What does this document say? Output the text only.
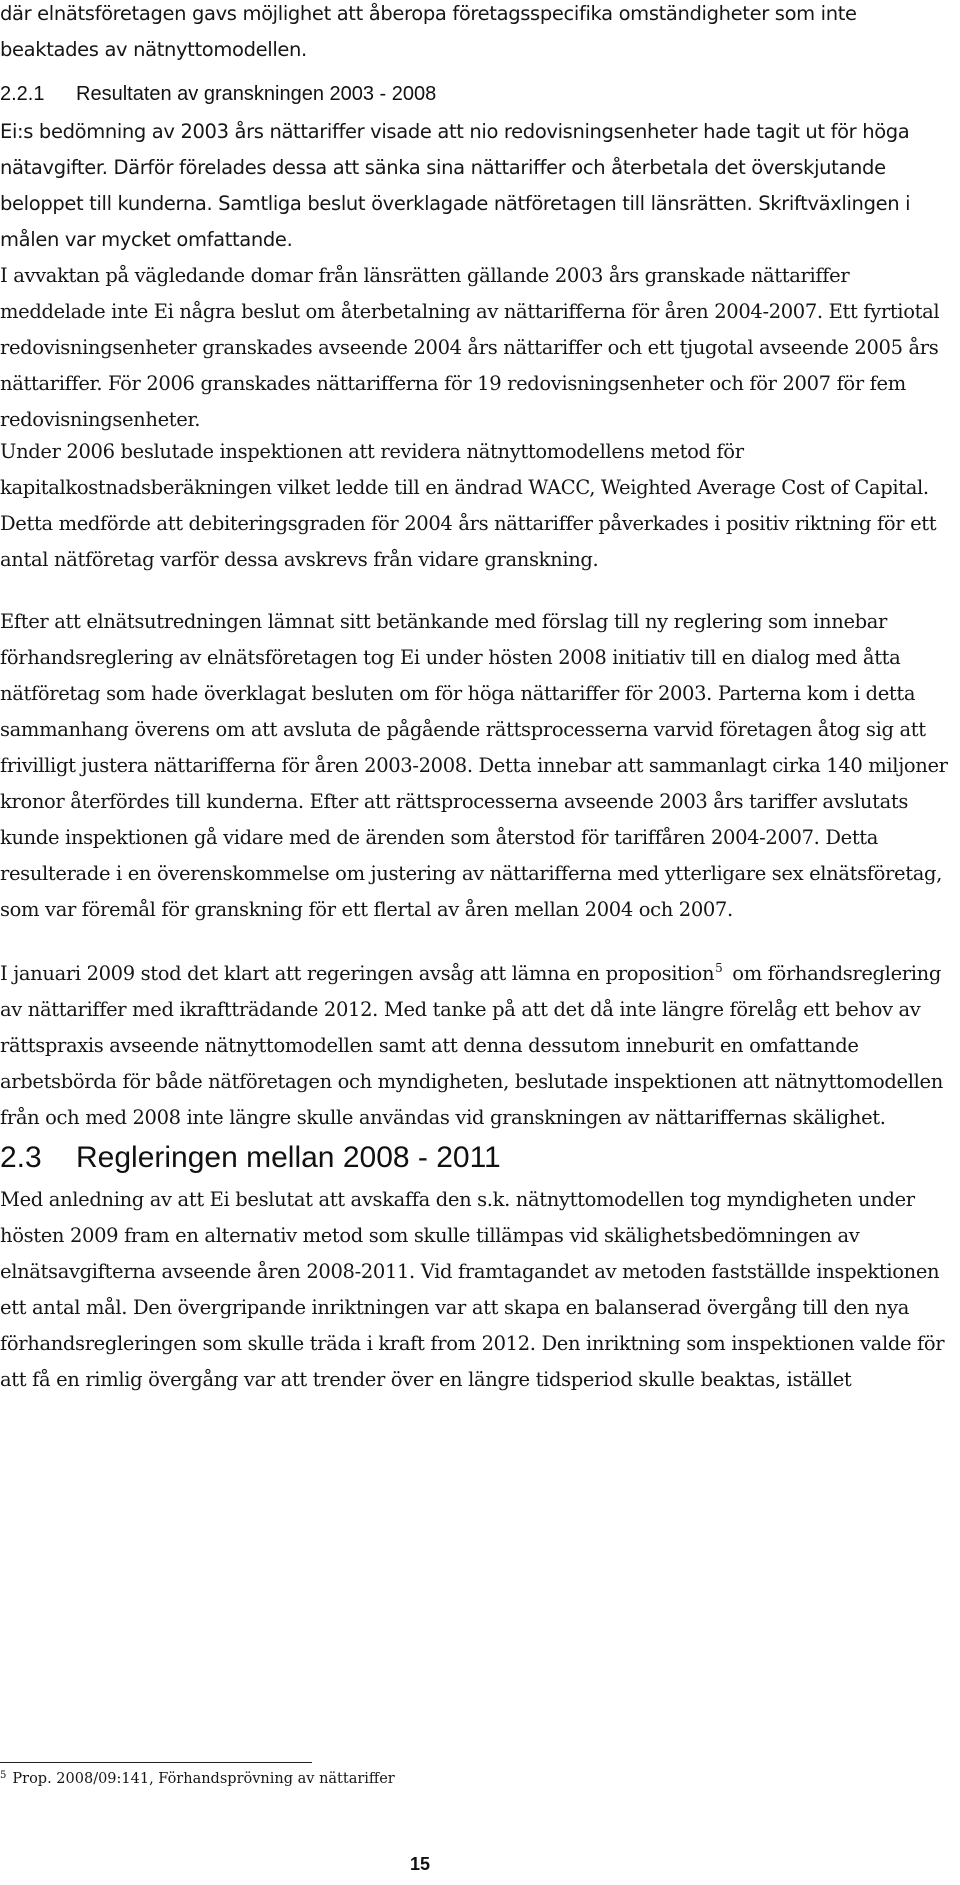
där elnätsföretagen gavs möjlighet att åberopa företagsspecifika omständigheter som inte beaktades av nätnyttomodellen.

2.2.1 Resultaten av granskningen 2003 - 2008

Ei:s bedömning av 2003 års nättariffer visade att nio redovisningsenheter hade tagit ut för höga nätavgifter. Därför förelades dessa att sänka sina nättariffer och återbetala det överskjutande beloppet till kunderna. Samtliga beslut överklagade nätföretagen till länsrätten. Skriftväxlingen i målen var mycket omfattande.

I avvaktan på vägledande domar från länsrätten gällande 2003 års granskade nättariffer meddelade inte Ei några beslut om återbetalning av nättarifferna för åren 2004-2007. Ett fyrtiotal redovisningsenheter granskades avseende 2004 års nättariffer och ett tjugotal avseende 2005 års nättariffer. För 2006 granskades nättarifferna för 19 redovisningsenheter och för 2007 för fem redovisningsenheter.

Under 2006 beslutade inspektionen att revidera nätnyttomodellens metod för kapitalkostnadsberäkningen vilket ledde till en ändrad WACC, Weighted Average Cost of Capital. Detta medförde att debiteringsgraden för 2004 års nättariffer påverkades i positiv riktning för ett antal nätföretag varför dessa avskrevs från vidare granskning.

Efter att elnätsutredningen lämnat sitt betänkande med förslag till ny reglering som innebar förhandsreglering av elnätsföretagen tog Ei under hösten 2008 initiativ till en dialog med åtta nätföretag som hade överklagat besluten om för höga nättariffer för 2003. Parterna kom i detta sammanhang överens om att avsluta de pågående rättsprocesserna varvid företagen åtog sig att frivilligt justera nättarifferna för åren 2003-2008. Detta innebar att sammanlagt cirka 140 miljoner kronor återfördes till kunderna. Efter att rättsprocesserna avseende 2003 års tariffer avslutats kunde inspektionen gå vidare med de ärenden som återstod för tariffåren 2004-2007. Detta resulterade i en överenskommelse om justering av nättarifferna med ytterligare sex elnätsföretag, som var föremål för granskning för ett flertal av åren mellan 2004 och 2007.

I januari 2009 stod det klart att regeringen avsåg att lämna en proposition$^5$ om förhandsreglering av nättariffer med ikraftträdande 2012. Med tanke på att det då inte längre förelåg ett behov av rättspraxis avseende nätnyttomodellen samt att denna dessutom inneburit en omfattande arbetsbörda för både nätföretagen och myndigheten, beslutade inspektionen att nätnyttomodellen från och med 2008 inte längre skulle användas vid granskningen av nättariffernas skälighet.

2.3 Regleringen mellan 2008 - 2011

Med anledning av att Ei beslutat att avskaffa den s.k. nätnyttomodellen tog myndigheten under hösten 2009 fram en alternativ metod som skulle tillämpas vid skälighetsbedömningen av elnätsavgifterna avseende åren 2008-2011. Vid framtagandet av metoden fastställde inspektionen ett antal mål. Den övergripande inriktningen var att skapa en balanserad övergång till den nya förhandsregleringen som skulle träda i kraft from 2012. Den inriktning som inspektionen valde för att få en rimlig övergång var att trender över en längre tidsperiod skulle beaktas, istället

$^5$ Prop. 2008/09:141, Förhandsprövning av nättariffer

15
